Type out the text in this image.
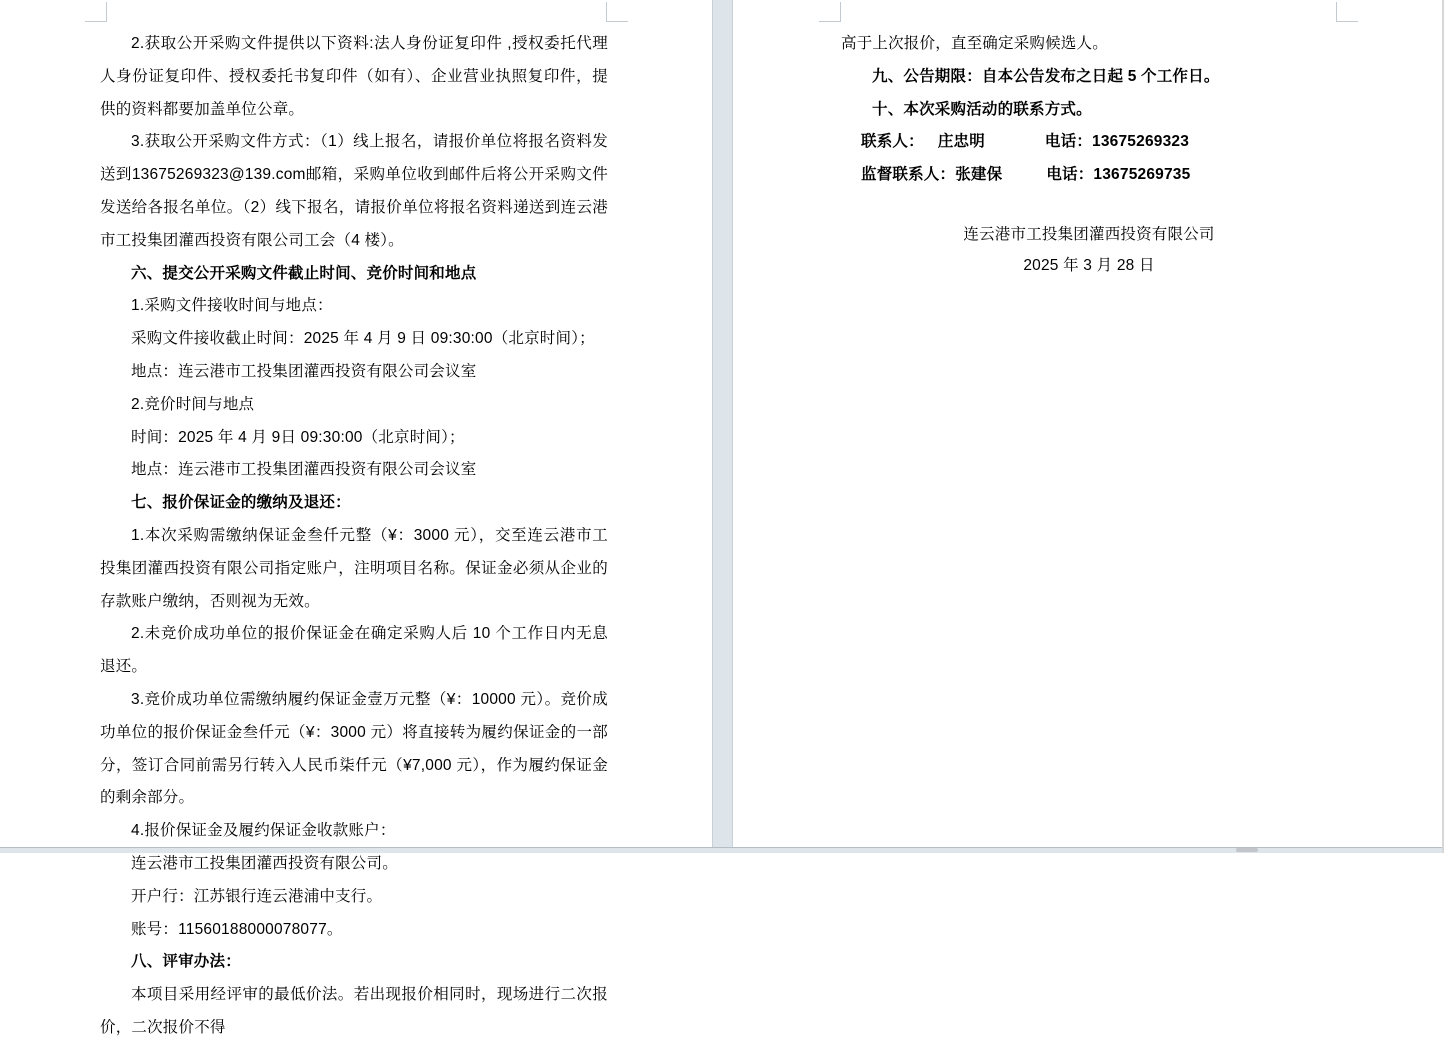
2.获取公开采购文件提供以下资料:法人身份证复印件 ,授权委托代理人身份证复印件、授权委托书复印件（如有）、企业营业执照复印件，提供的资料都要加盖单位公章。

3.获取公开采购文件方式：（1）线上报名，请报价单位将报名资料发送到13675269323@139.com邮箱，采购单位收到邮件后将公开采购文件发送给各报名单位。（2）线下报名，请报价单位将报名资料递送到连云港市工投集团灌西投资有限公司工会（4 楼）。

六、提交公开采购文件截止时间、竞价时间和地点

1.采购文件接收时间与地点：

采购文件接收截止时间：2025 年 4 月 9 日 09:30:00（北京时间）；

地点：连云港市工投集团灌西投资有限公司会议室

2.竞价时间与地点

时间：2025 年 4 月 9日 09:30:00（北京时间）；

地点：连云港市工投集团灌西投资有限公司会议室

七、报价保证金的缴纳及退还：

1.本次采购需缴纳保证金叁仟元整（¥：3000 元），交至连云港市工投集团灌西投资有限公司指定账户，注明项目名称。保证金必须从企业的存款账户缴纳，否则视为无效。

2.未竞价成功单位的报价保证金在确定采购人后 10 个工作日内无息退还。

3.竞价成功单位需缴纳履约保证金壹万元整（¥：10000 元）。竞价成功单位的报价保证金叁仟元（¥：3000 元）将直接转为履约保证金的一部分，签订合同前需另行转入人民币柒仟元（¥7,000 元），作为履约保证金的剩余部分。

4.报价保证金及履约保证金收款账户：

连云港市工投集团灌西投资有限公司。

开户行：江苏银行连云港浦中支行。

账号：11560188000078077。

八、评审办法：

本项目采用经评审的最低价法。若出现报价相同时，现场进行二次报价，二次报价不得

高于上次报价，直至确定采购候选人。

九、公告期限：自本公告发布之日起 5 个工作日。

十、本次采购活动的联系方式。

联系人： 庄忠明	电话：13675269323

监督联系人：张建保	电话：13675269735

连云港市工投集团灌西投资有限公司

2025 年 3 月 28 日
